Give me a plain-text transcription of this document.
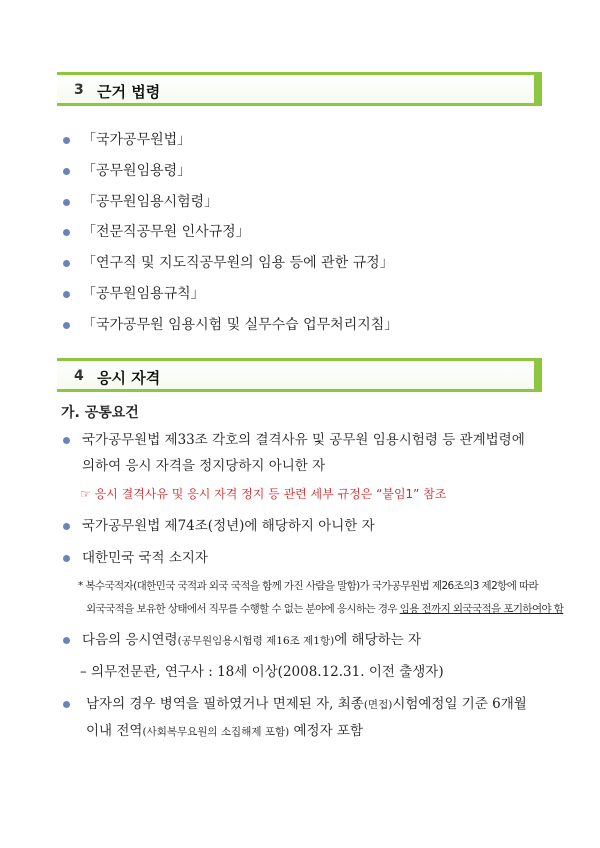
3 근거 법령
「국가공무원법」
「공무원임용령」
「공무원임용시험령」
「전문직공무원 인사규정」
「연구직 및 지도직공무원의 임용 등에 관한 규정」
「공무원임용규칙」
「국가공무원 임용시험 및 실무수습 업무처리지침」
4 응시 자격
가. 공통요건
국가공무원법 제33조 각호의 결격사유 및 공무원 임용시험령 등 관계법령에
의하여 응시 자격을 정지당하지 아니한 자
☞ 응시 결격사유 및 응시 자격 정지 등 관련 세부 규정은 “붙임1” 참조
국가공무원법 제74조(정년)에 해당하지 아니한 자
대한민국 국적 소지자
* 복수국적자(대한민국 국적과 외국 국적을 함께 가진 사람을 말함)가 국가공무원법 제26조의3 제2항에 따라
외국국적을 보유한 상태에서 직무를 수행할 수 없는 분야에 응시하는 경우 임용 전까지 외국국적을 포기하여야 함
다음의 응시연령(공무원임용시험령 제16조 제1항)에 해당하는 자
– 의무전문관, 연구사 : 18세 이상(2008.12.31. 이전 출생자)
남자의 경우 병역을 필하였거나 면제된 자, 최종(면접)시험예정일 기준 6개월
이내 전역(사회복무요원의 소집해제 포함) 예정자 포함
